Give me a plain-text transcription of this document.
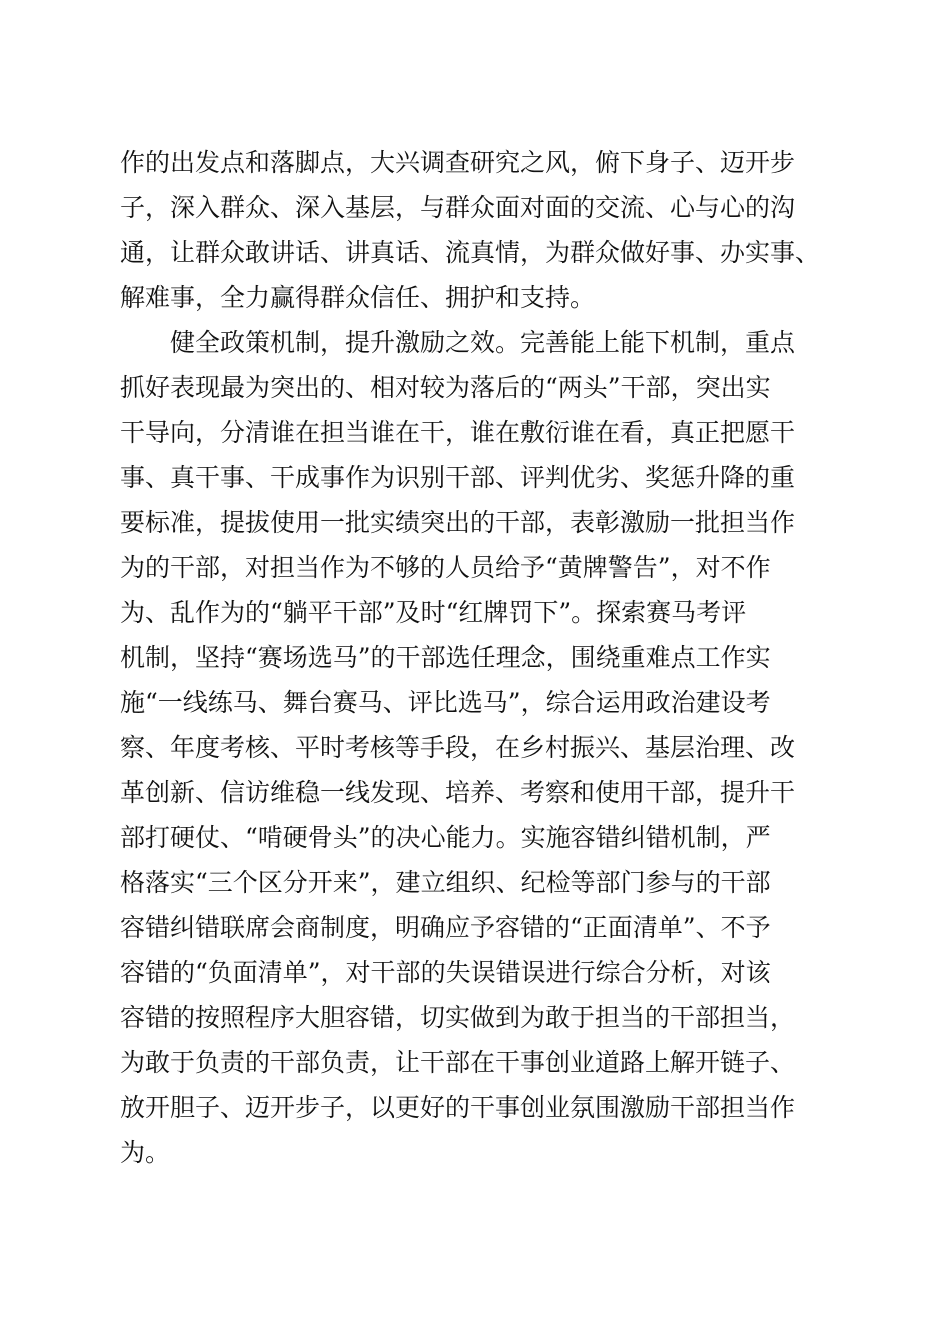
作的出发点和落脚点，大兴调查研究之风，俯下身子、迈开步

子，深入群众、深入基层，与群众面对面的交流、心与心的沟

通，让群众敢讲话、讲真话、流真情，为群众做好事、办实事、

解难事，全力赢得群众信任、拥护和支持。

健全政策机制，提升激励之效。完善能上能下机制，重点

抓好表现最为突出的、相对较为落后的“两头”干部，突出实

干导向，分清谁在担当谁在干，谁在敷衍谁在看，真正把愿干

事、真干事、干成事作为识别干部、评判优劣、奖惩升降的重

要标准，提拔使用一批实绩突出的干部，表彰激励一批担当作

为的干部，对担当作为不够的人员给予“黄牌警告”，对不作

为、乱作为的“躺平干部”及时“红牌罚下”。探索赛马考评

机制，坚持“赛场选马”的干部选任理念，围绕重难点工作实

施“一线练马、舞台赛马、评比选马”，综合运用政治建设考

察、年度考核、平时考核等手段，在乡村振兴、基层治理、改

革创新、信访维稳一线发现、培养、考察和使用干部，提升干

部打硬仗、“啃硬骨头”的决心能力。实施容错纠错机制，严

格落实“三个区分开来”，建立组织、纪检等部门参与的干部

容错纠错联席会商制度，明确应予容错的“正面清单”、不予

容错的“负面清单”，对干部的失误错误进行综合分析，对该

容错的按照程序大胆容错，切实做到为敢于担当的干部担当，

为敢于负责的干部负责，让干部在干事创业道路上解开链子、

放开胆子、迈开步子，以更好的干事创业氛围激励干部担当作

为。
